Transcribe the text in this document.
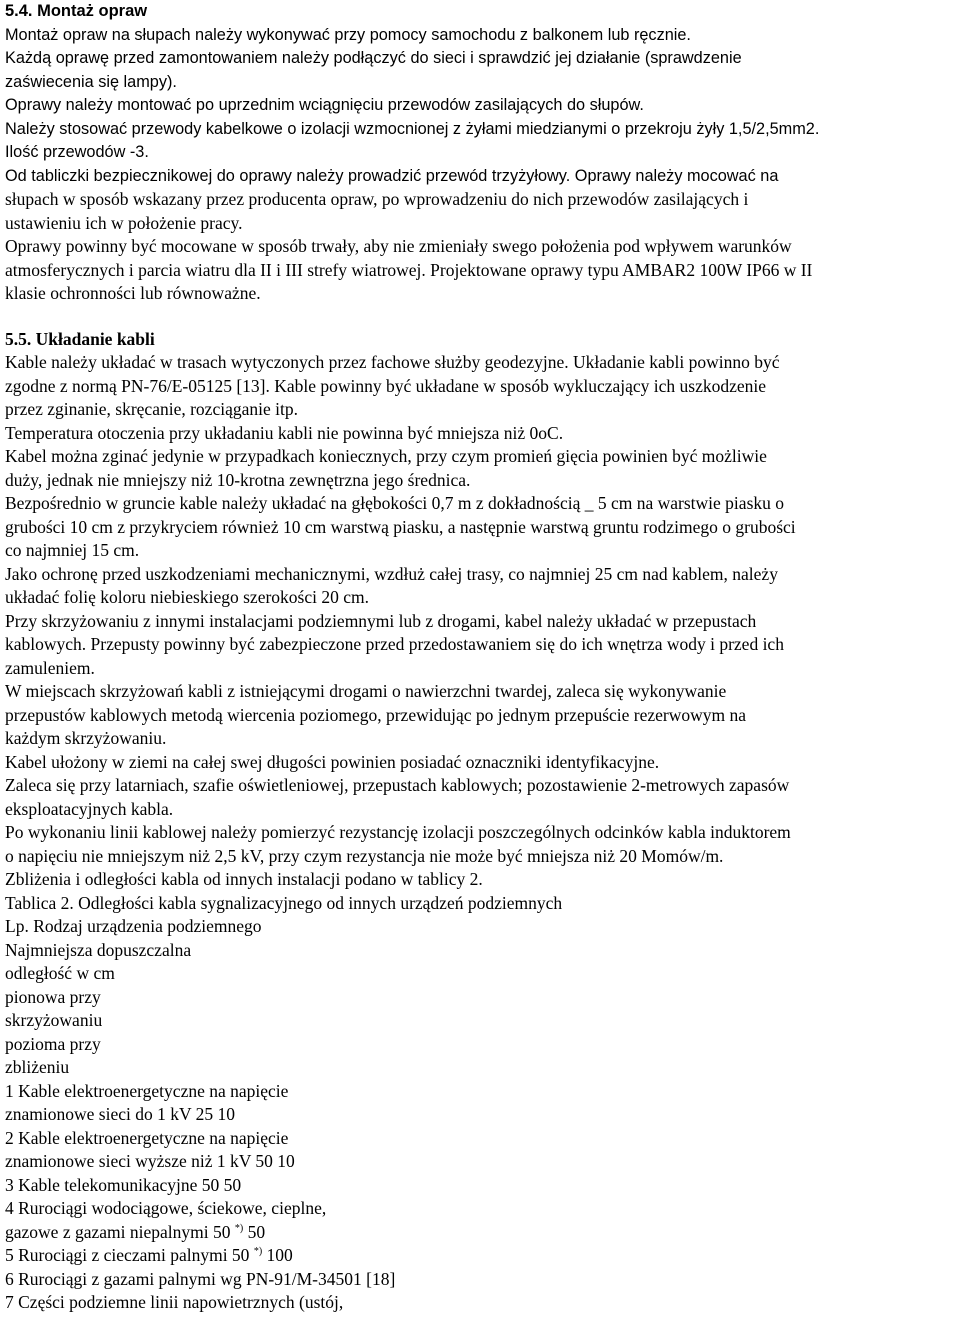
5.4. Montaż opraw
Montaż opraw na słupach należy wykonywać przy pomocy samochodu z balkonem lub ręcznie.
Każdą oprawę przed zamontowaniem należy podłączyć do sieci i sprawdzić jej działanie (sprawdzenie
zaświecenia się lampy).
Oprawy należy montować po uprzednim wciągnięciu przewodów zasilających do słupów.
Należy stosować przewody kabelkowe o izolacji wzmocnionej z żyłami miedzianymi o przekroju żyły 1,5/2,5mm2.
Ilość przewodów -3.
Od tabliczki bezpiecznikowej do oprawy należy prowadzić przewód trzyżyłowy. Oprawy należy mocować na
słupach w sposób wskazany przez producenta opraw, po wprowadzeniu do nich przewodów zasilających i
ustawieniu ich w położenie pracy.
Oprawy powinny być mocowane w sposób trwały, aby nie zmieniały swego położenia pod wpływem warunków
atmosferycznych i parcia wiatru dla II i III strefy wiatrowej. Projektowane oprawy typu AMBAR2 100W IP66 w II
klasie ochronności lub równoważne.
5.5. Układanie kabli
Kable należy układać w trasach wytyczonych przez fachowe służby geodezyjne. Układanie kabli powinno być
zgodne z normą PN-76/E-05125 [13]. Kable powinny być układane w sposób wykluczający ich uszkodzenie
przez zginanie, skręcanie, rozciąganie itp.
Temperatura otoczenia przy układaniu kabli nie powinna być mniejsza niż 0oC.
Kabel można zginać jedynie w przypadkach koniecznych, przy czym promień gięcia powinien być możliwie
duży, jednak nie mniejszy niż 10-krotna zewnętrzna jego średnica.
Bezpośrednio w gruncie kable należy układać na głębokości 0,7 m z dokładnością _ 5 cm na warstwie piasku o
grubości 10 cm z przykryciem również 10 cm warstwą piasku, a następnie warstwą gruntu rodzimego o grubości
co najmniej 15 cm.
Jako ochronę przed uszkodzeniami mechanicznymi, wzdłuż całej trasy, co najmniej 25 cm nad kablem, należy
układać folię koloru niebieskiego szerokości 20 cm.
Przy skrzyżowaniu z innymi instalacjami podziemnymi lub z drogami, kabel należy układać w przepustach
kablowych. Przepusty powinny być zabezpieczone przed przedostawaniem się do ich wnętrza wody i przed ich
zamuleniem.
W miejscach skrzyżowań kabli z istniejącymi drogami o nawierzchni twardej, zaleca się wykonywanie
przepustów kablowych metodą wiercenia poziomego, przewidując po jednym przepuście rezerwowym na
każdym skrzyżowaniu.
Kabel ułożony w ziemi na całej swej długości powinien posiadać oznaczniki identyfikacyjne.
Zaleca się przy latarniach, szafie oświetleniowej, przepustach kablowych; pozostawienie 2-metrowych zapasów
eksploatacyjnych kabla.
Po wykonaniu linii kablowej należy pomierzyć rezystancję izolacji poszczególnych odcinków kabla induktorem
o napięciu nie mniejszym niż 2,5 kV, przy czym rezystancja nie może być mniejsza niż 20 Momów/m.
Zbliżenia i odległości kabla od innych instalacji podano w tablicy 2.
Tablica 2. Odległości kabla sygnalizacyjnego od innych urządzeń podziemnych
Lp. Rodzaj urządzenia podziemnego
Najmniejsza dopuszczalna
odległość w cm
pionowa przy
skrzyżowaniu
pozioma przy
zbliżeniu
1 Kable elektroenergetyczne na napięcie
znamionowe sieci do 1 kV 25 10
2 Kable elektroenergetyczne na napięcie
znamionowe sieci wyższe niż 1 kV 50 10
3 Kable telekomunikacyjne 50 50
4 Rurociągi wodociągowe, ściekowe, cieplne,
gazowe z gazami niepalnymi 50 *) 50
5 Rurociągi z cieczami palnymi 50 *) 100
6 Rurociągi z gazami palnymi wg PN-91/M-34501 [18]
7 Części podziemne linii napowietrznych (ustój,
